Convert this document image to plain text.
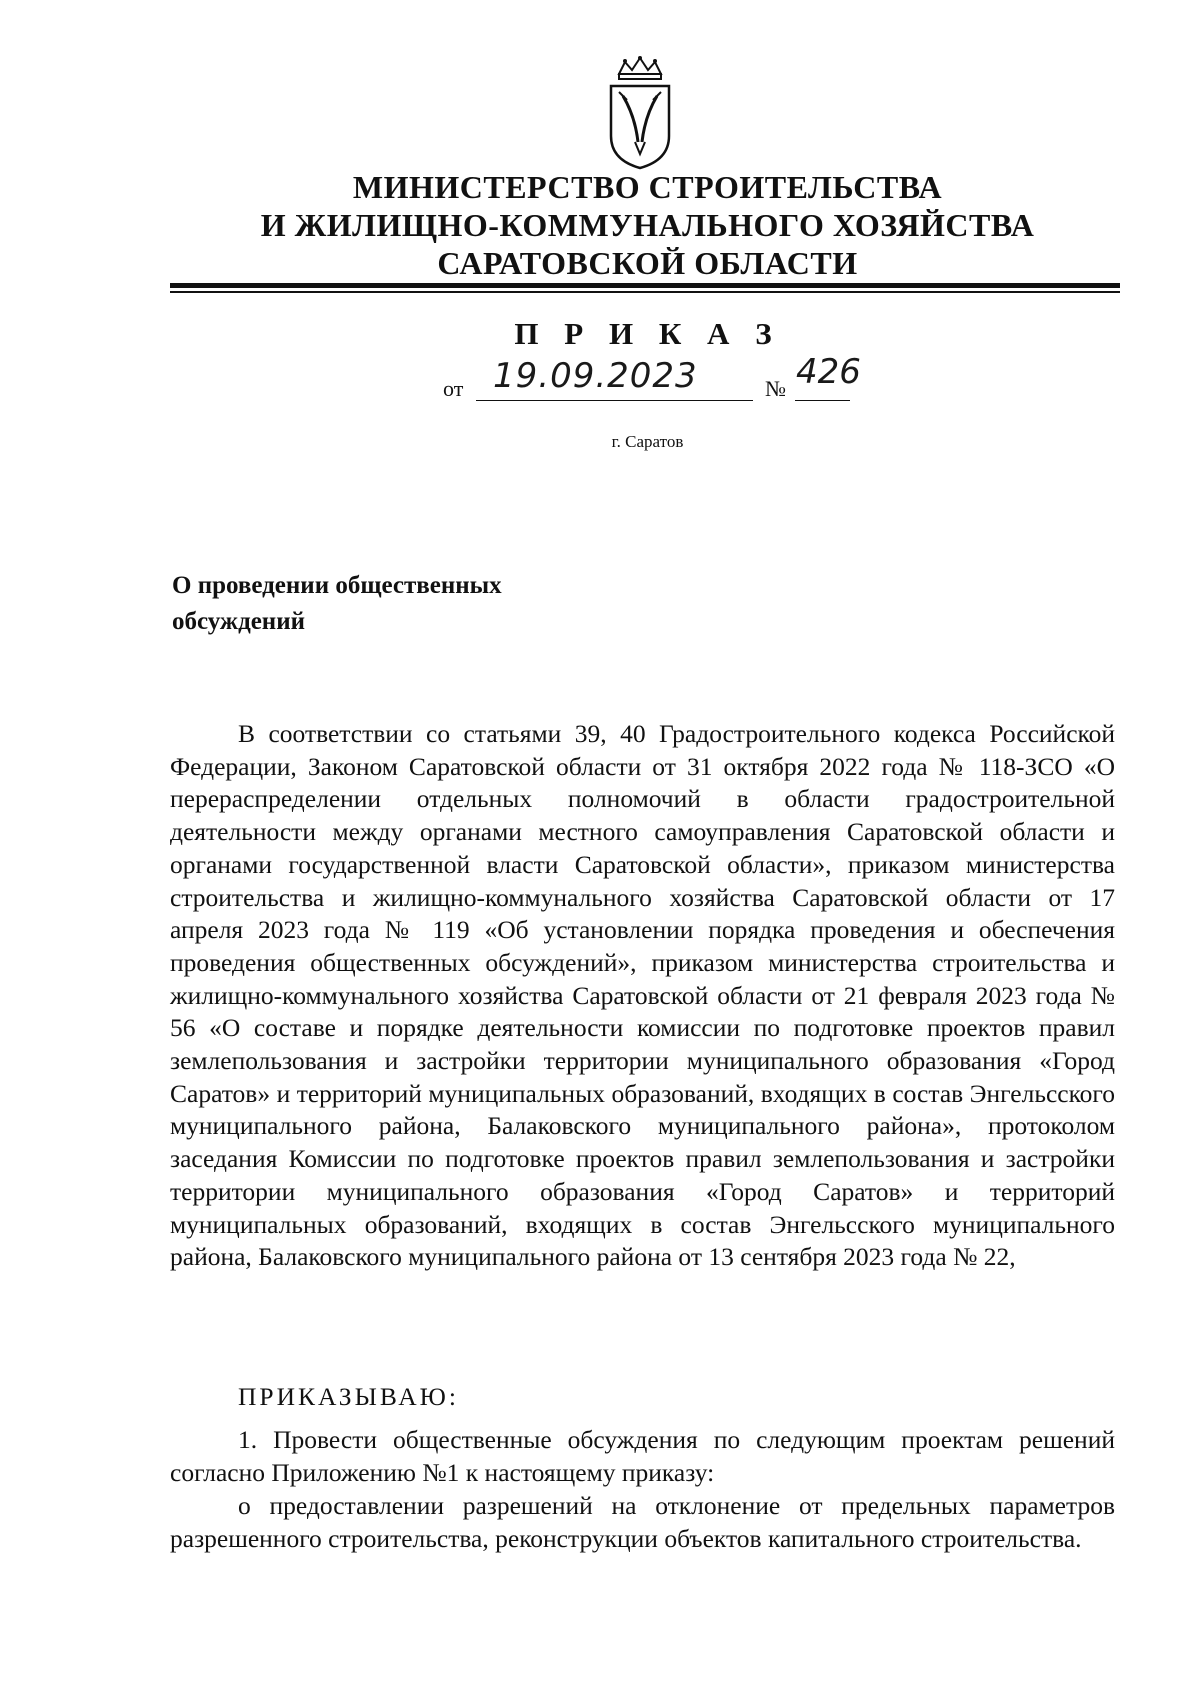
МИНИСТЕРСТВО СТРОИТЕЛЬСТВА
И ЖИЛИЩНО-КОММУНАЛЬНОГО ХОЗЯЙСТВА
САРАТОВСКОЙ ОБЛАСТИ
П Р И К А З
от 19.09.2023	№ 426
г. Саратов
О проведении общественных
обсуждений
В соответствии со статьями 39, 40 Градостроительного кодекса Российской Федерации, Законом Саратовской области от 31 октября 2022 года № 118-ЗСО «О перераспределении отдельных полномочий в области градостроительной деятельности между органами местного самоуправления Саратовской области и органами государственной власти Саратовской области», приказом министерства строительства и жилищно-коммунального хозяйства Саратовской области от 17 апреля 2023 года № 119 «Об установлении порядка проведения и обеспечения проведения общественных обсуждений», приказом министерства строительства и жилищно-коммунального хозяйства Саратовской области от 21 февраля 2023 года № 56 «О составе и порядке деятельности комиссии по подготовке проектов правил землепользования и застройки территории муниципального образования «Город Саратов» и территорий муниципальных образований, входящих в состав Энгельсского муниципального района, Балаковского муниципального района», протоколом заседания Комиссии по подготовке проектов правил землепользования и застройки территории муниципального образования «Город Саратов» и территорий муниципальных образований, входящих в состав Энгельсского муниципального района, Балаковского муниципального района от 13 сентября 2023 года № 22,
ПРИКАЗЫВАЮ:
1. Провести общественные обсуждения по следующим проектам решений согласно Приложению №1 к настоящему приказу:
о предоставлении разрешений на отклонение от предельных параметров разрешенного строительства, реконструкции объектов капитального строительства.
